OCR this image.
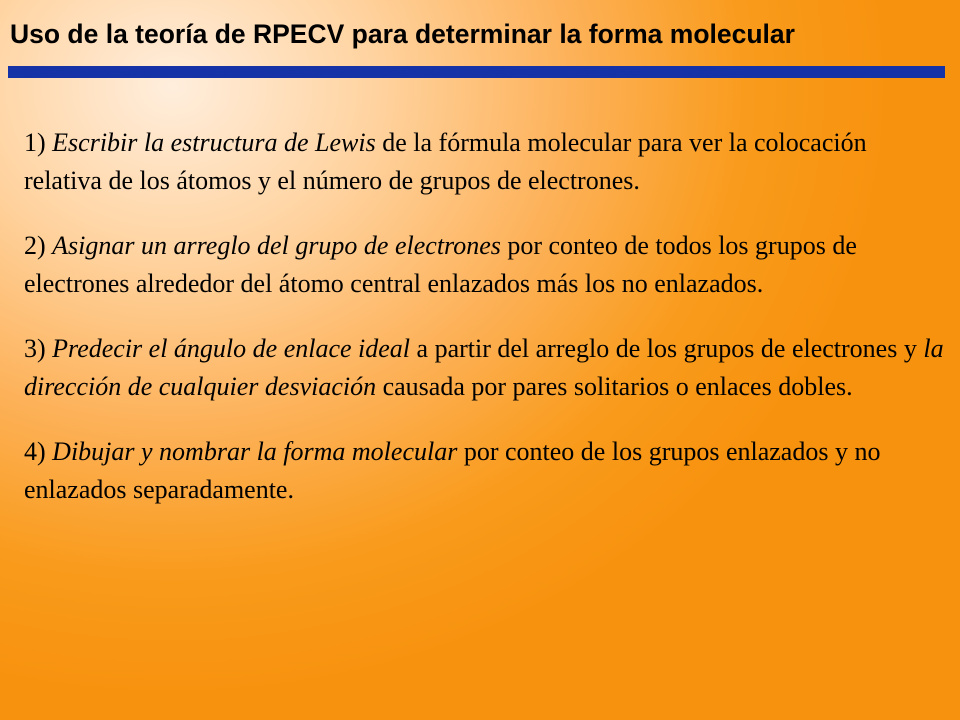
Uso de la teoría de RPECV para determinar la forma molecular

1) Escribir la estructura de Lewis de la fórmula molecular para ver la colocación relativa de los átomos y el número de grupos de electrones.

2) Asignar un arreglo del grupo de electrones por conteo de todos los grupos de electrones alrededor del átomo central enlazados más los no enlazados.

3) Predecir el ángulo de enlace ideal a partir del arreglo de los grupos de electrones y la dirección de cualquier desviación causada por pares solitarios o enlaces dobles.

4) Dibujar y nombrar la forma molecular por conteo de los grupos enlazados y no enlazados separadamente.
